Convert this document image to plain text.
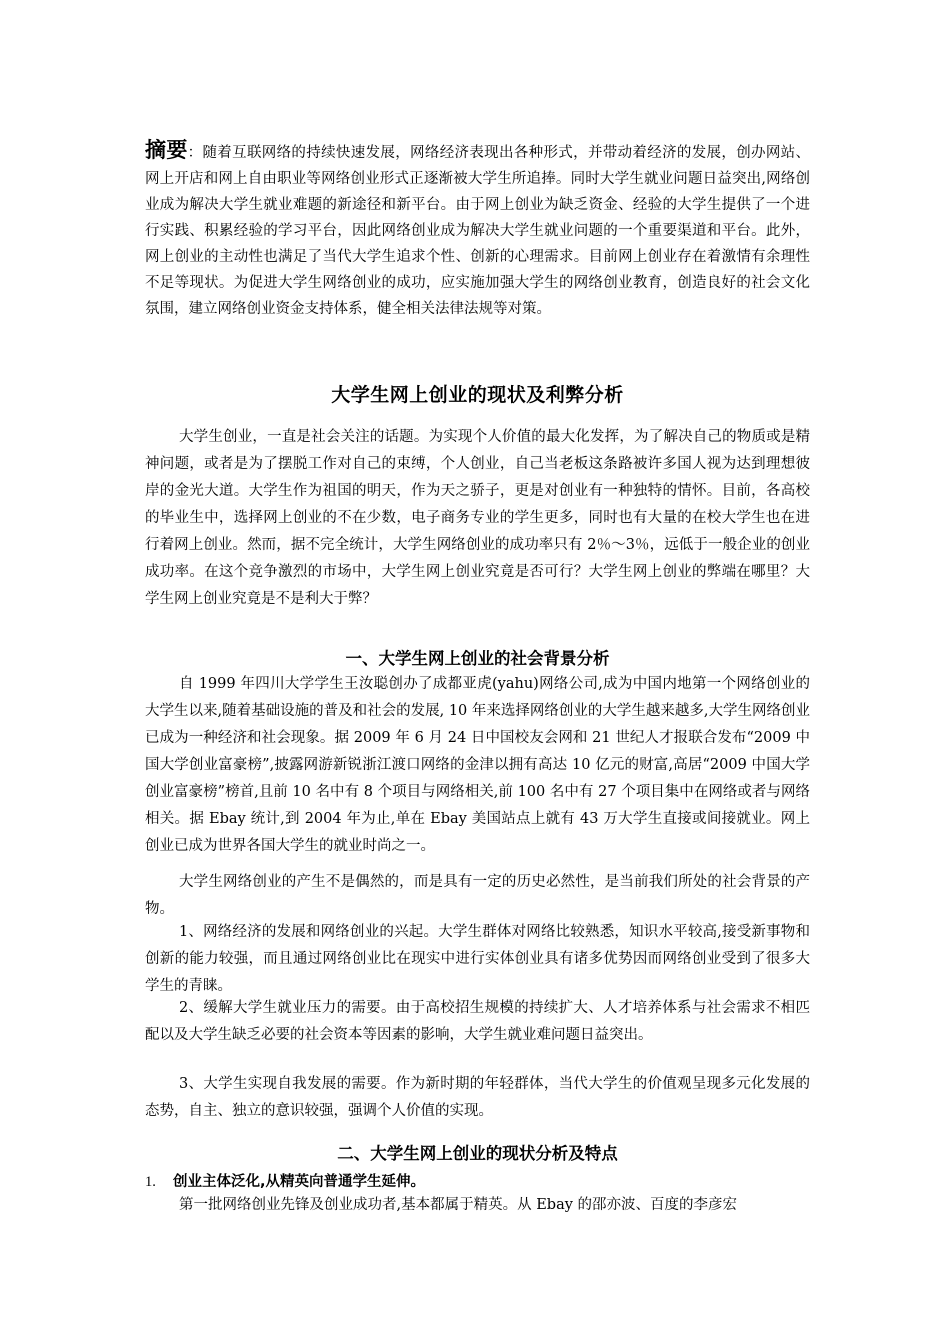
摘要：随着互联网络的持续快速发展，网络经济表现出各种形式，并带动着经济的发展，创办网站、网上开店和网上自由职业等网络创业形式正逐渐被大学生所追捧。同时大学生就业问题日益突出,网络创业成为解决大学生就业难题的新途径和新平台。由于网上创业为缺乏资金、经验的大学生提供了一个进行实践、积累经验的学习平台，因此网络创业成为解决大学生就业问题的一个重要渠道和平台。此外，网上创业的主动性也满足了当代大学生追求个性、创新的心理需求。目前网上创业存在着激情有余理性不足等现状。为促进大学生网络创业的成功，应实施加强大学生的网络创业教育，创造良好的社会文化氛围，建立网络创业资金支持体系，健全相关法律法规等对策。
大学生网上创业的现状及利弊分析
大学生创业，一直是社会关注的话题。为实现个人价值的最大化发挥，为了解决自己的物质或是精神问题，或者是为了摆脱工作对自己的束缚，个人创业，自己当老板这条路被许多国人视为达到理想彼岸的金光大道。大学生作为祖国的明天，作为天之骄子，更是对创业有一种独特的情怀。目前，各高校的毕业生中，选择网上创业的不在少数，电子商务专业的学生更多，同时也有大量的在校大学生也在进行着网上创业。然而，据不完全统计，大学生网络创业的成功率只有 2％～3％，远低于一般企业的创业成功率。在这个竞争激烈的市场中，大学生网上创业究竟是否可行？大学生网上创业的弊端在哪里？大学生网上创业究竟是不是利大于弊？
一、大学生网上创业的社会背景分析
自 1999 年四川大学学生王汝聪创办了成都亚虎(yahu)网络公司,成为中国内地第一个网络创业的大学生以来,随着基础设施的普及和社会的发展, 10 年来选择网络创业的大学生越来越多,大学生网络创业已成为一种经济和社会现象。据 2009 年 6 月 24 日中国校友会网和 21 世纪人才报联合发布“2009 中国大学创业富豪榜”,披露网游新锐浙江渡口网络的金津以拥有高达 10 亿元的财富,高居“2009 中国大学创业富豪榜”榜首,且前 10 名中有 8 个项目与网络相关,前 100 名中有 27 个项目集中在网络或者与网络相关。据 Ebay 统计,到 2004 年为止,单在 Ebay 美国站点上就有 43 万大学生直接或间接就业。网上创业已成为世界各国大学生的就业时尚之一。
大学生网络创业的产生不是偶然的，而是具有一定的历史必然性，是当前我们所处的社会背景的产物。
1、网络经济的发展和网络创业的兴起。大学生群体对网络比较熟悉，知识水平较高,接受新事物和创新的能力较强，而且通过网络创业比在现实中进行实体创业具有诸多优势因而网络创业受到了很多大学生的青睐。
2、缓解大学生就业压力的需要。由于高校招生规模的持续扩大、人才培养体系与社会需求不相匹配以及大学生缺乏必要的社会资本等因素的影响，大学生就业难问题日益突出。
3、大学生实现自我发展的需要。作为新时期的年轻群体，当代大学生的价值观呈现多元化发展的态势，自主、独立的意识较强，强调个人价值的实现。
二、大学生网上创业的现状分析及特点
1. 创业主体泛化,从精英向普通学生延伸。
第一批网络创业先锋及创业成功者,基本都属于精英。从 Ebay 的邵亦波、百度的李彦宏
